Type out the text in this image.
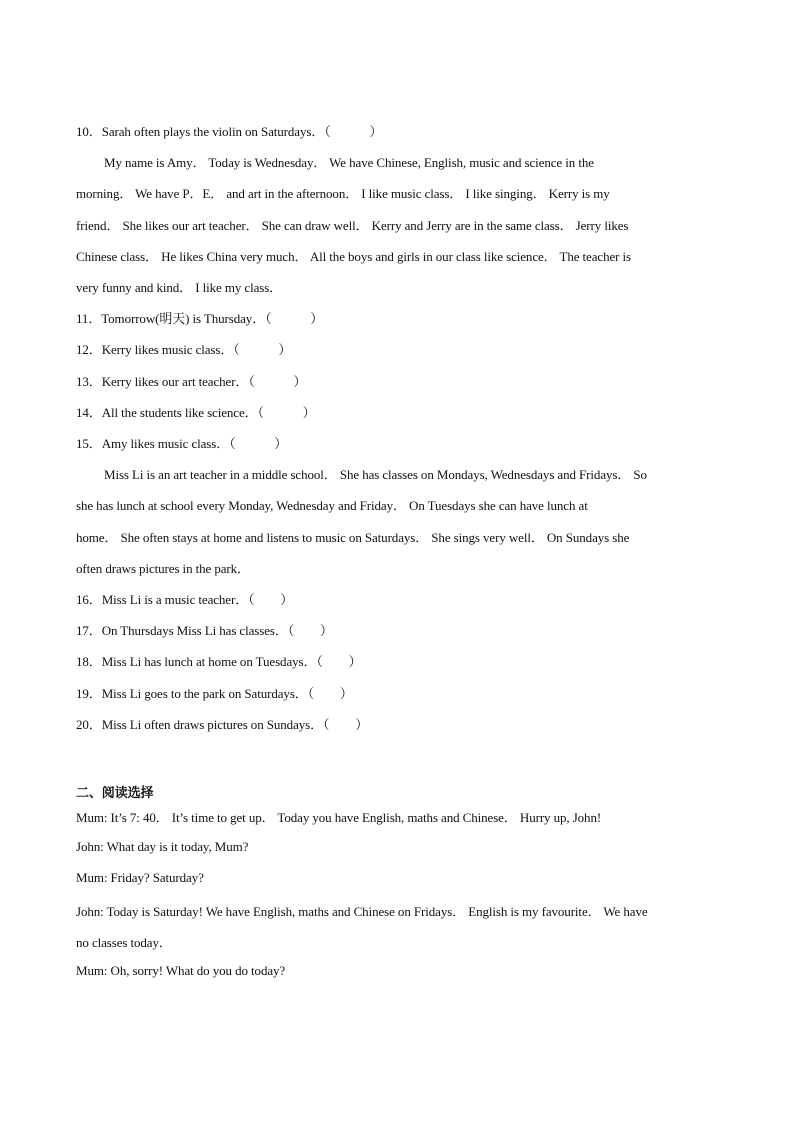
10．Sarah often plays the violin on Saturdays．（　　　）
My name is Amy． Today is Wednesday． We have Chinese, English, music and science in the
morning． We have P．E． and art in the afternoon． I like music class． I like singing． Kerry is my
friend． She likes our art teacher． She can draw well． Kerry and Jerry are in the same class． Jerry likes
Chinese class． He likes China very much． All the boys and girls in our class like science． The teacher is
very funny and kind． I like my class．
11．Tomorrow(明天) is Thursday．（　　　）
12．Kerry likes music class．（　　　）
13．Kerry likes our art teacher．（　　　）
14．All the students like science．（　　　）
15．Amy likes music class．（　　　）
Miss Li is an art teacher in a middle school． She has classes on Mondays, Wednesdays and Fridays． So
she has lunch at school every Monday, Wednesday and Friday． On Tuesdays she can have lunch at
home． She often stays at home and listens to music on Saturdays． She sings very well． On Sundays she
often draws pictures in the park．
16．Miss Li is a music teacher．（　　）
17．On Thursdays Miss Li has classes．（　　）
18．Miss Li has lunch at home on Tuesdays．（　　）
19．Miss Li goes to the park on Saturdays．（　　）
20．Miss Li often draws pictures on Sundays．（　　）
二、阅读选择
Mum: It’s 7: 40． It’s time to get up． Today you have English, maths and Chinese． Hurry up, John!
John: What day is it today, Mum?
Mum: Friday? Saturday?
John: Today is Saturday! We have English, maths and Chinese on Fridays． English is my favourite． We have
no classes today．
Mum: Oh, sorry! What do you do today?
